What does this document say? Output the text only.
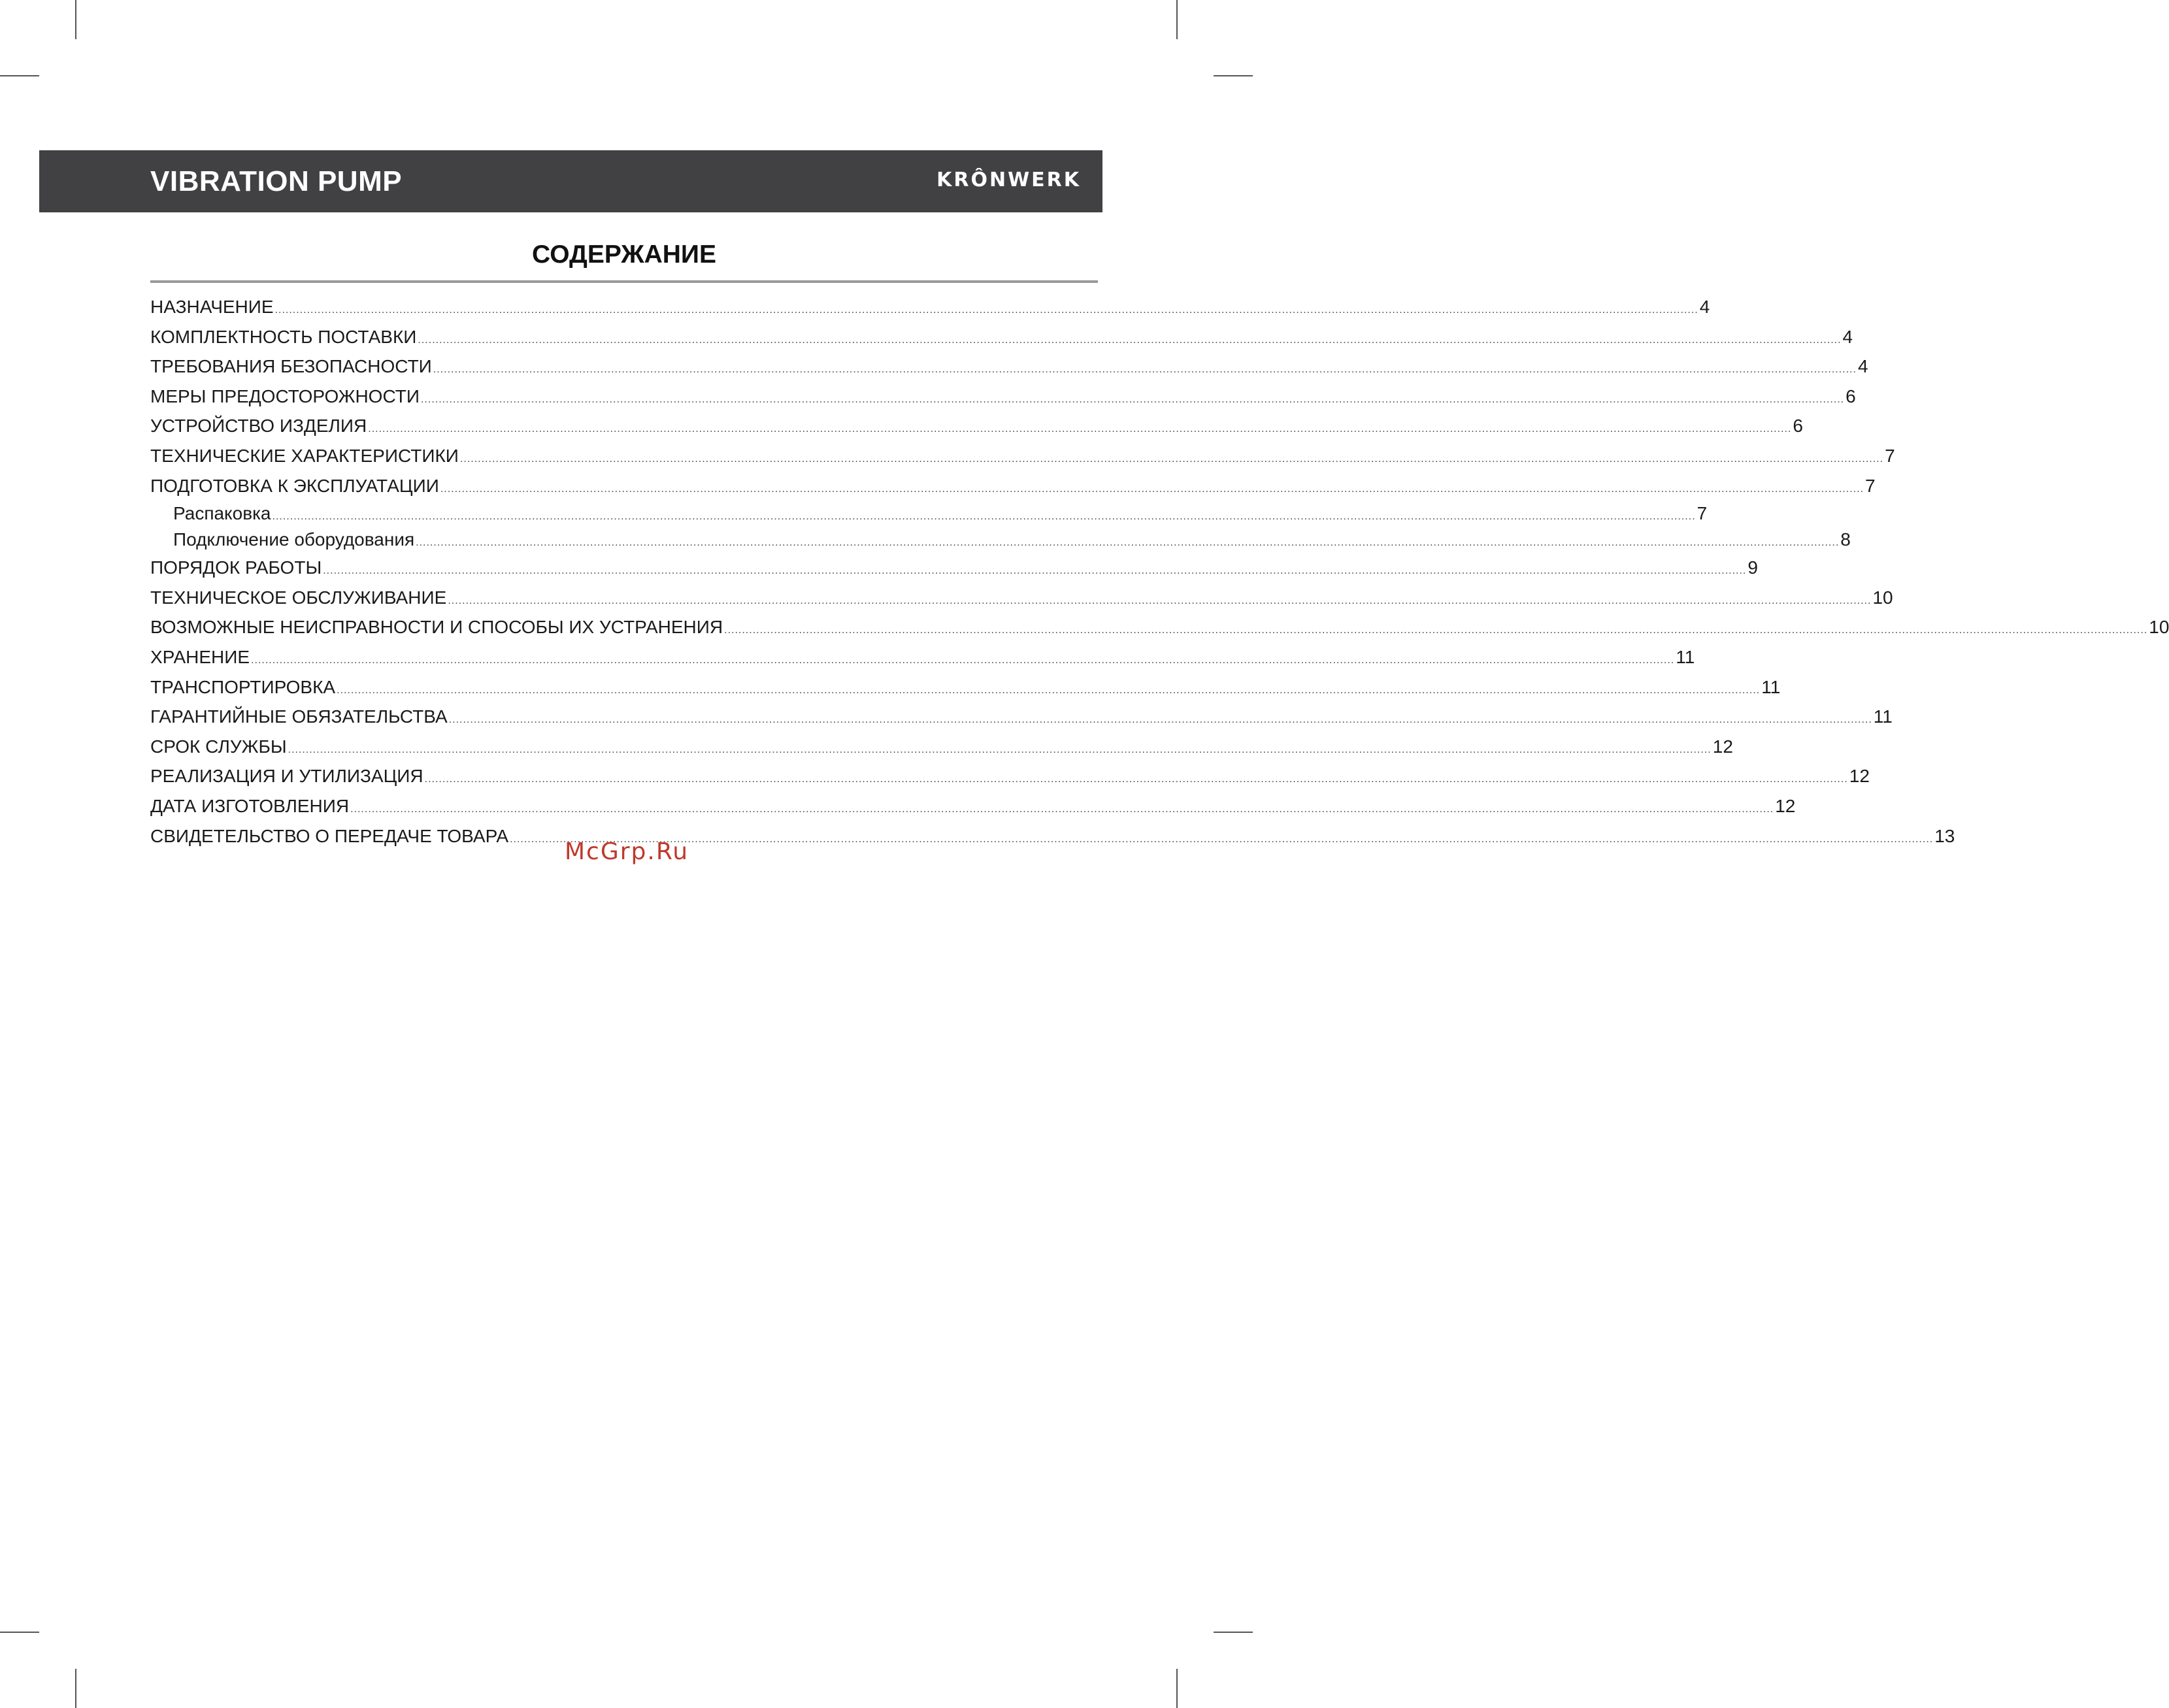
VIBRATION PUMP	KRÔNWERK
СОДЕРЖАНИЕ
НАЗНАЧЕНИЕ ................................................................................................................................................................................................................................................................................................................................................................................................................ 4
КОМПЛЕКТНОСТЬ ПОСТАВКИ ................................................................................................................................................................................................................................................................................................................................................................................................................ 4
ТРЕБОВАНИЯ БЕЗОПАСНОСТИ ................................................................................................................................................................................................................................................................................................................................................................................................................ 4
МЕРЫ ПРЕДОСТОРОЖНОСТИ ................................................................................................................................................................................................................................................................................................................................................................................................................ 6
УСТРОЙСТВО ИЗДЕЛИЯ ................................................................................................................................................................................................................................................................................................................................................................................................................ 6
ТЕХНИЧЕСКИЕ ХАРАКТЕРИСТИКИ ................................................................................................................................................................................................................................................................................................................................................................................................................ 7
ПОДГОТОВКА К ЭКСПЛУАТАЦИИ ................................................................................................................................................................................................................................................................................................................................................................................................................ 7
Распаковка ................................................................................................................................................................................................................................................................................................................................................................................................................ 7
Подключение оборудования ................................................................................................................................................................................................................................................................................................................................................................................................................ 8
ПОРЯДОК РАБОТЫ ................................................................................................................................................................................................................................................................................................................................................................................................................ 9
ТЕХНИЧЕСКОЕ ОБСЛУЖИВАНИЕ ................................................................................................................................................................................................................................................................................................................................................................................................................ 10
ВОЗМОЖНЫЕ НЕИСПРАВНОСТИ И СПОСОБЫ ИХ УСТРАНЕНИЯ ................................................................................................................................................................................................................................................................................................................................................................................................................ 10
ХРАНЕНИЕ ................................................................................................................................................................................................................................................................................................................................................................................................................ 11
ТРАНСПОРТИРОВКА ................................................................................................................................................................................................................................................................................................................................................................................................................ 11
ГАРАНТИЙНЫЕ ОБЯЗАТЕЛЬСТВА ................................................................................................................................................................................................................................................................................................................................................................................................................ 11
СРОК СЛУЖБЫ ................................................................................................................................................................................................................................................................................................................................................................................................................ 12
РЕАЛИЗАЦИЯ И УТИЛИЗАЦИЯ ................................................................................................................................................................................................................................................................................................................................................................................................................ 12
ДАТА ИЗГОТОВЛЕНИЯ ................................................................................................................................................................................................................................................................................................................................................................................................................ 12
СВИДЕТЕЛЬСТВО О ПЕРЕДАЧЕ ТОВАРА ................................................................................................................................................................................................................................................................................................................................................................................................................ 13
McGrp.Ru
